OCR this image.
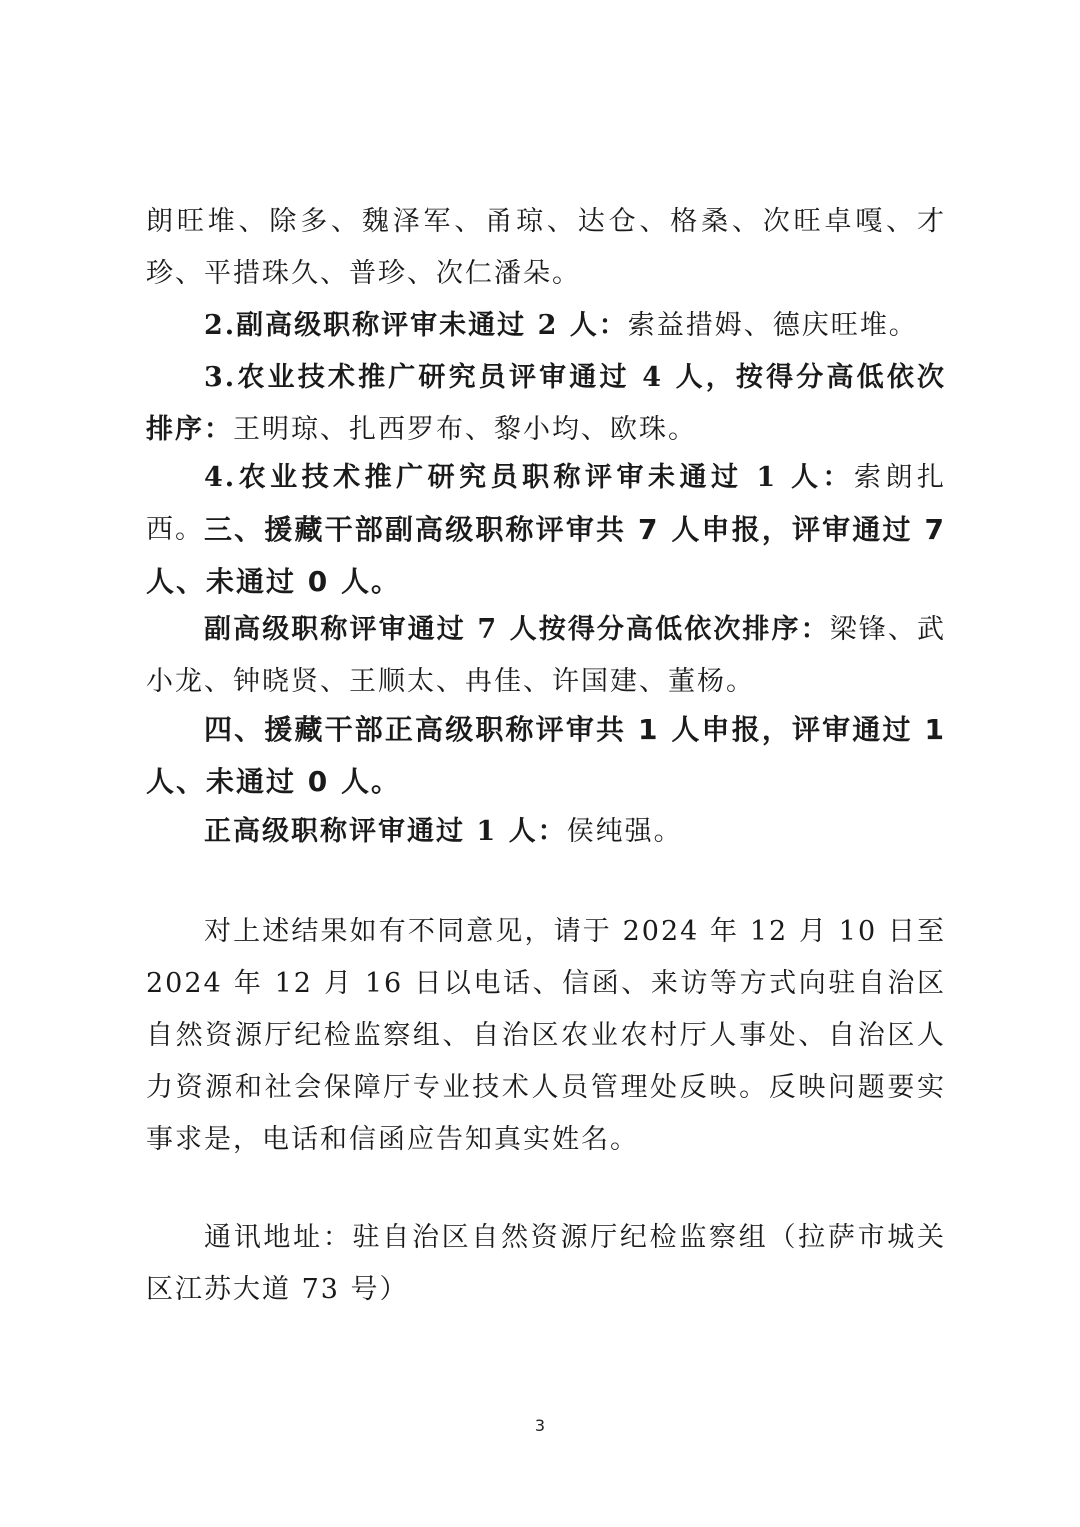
朗旺堆、除多、魏泽军、甬琼、达仓、格桑、次旺卓嘎、才珍、平措珠久、普珍、次仁潘朵。

2.副高级职称评审未通过 2 人：索益措姆、德庆旺堆。

3.农业技术推广研究员评审通过 4 人，按得分高低依次排序：王明琼、扎西罗布、黎小均、欧珠。

4.农业技术推广研究员职称评审未通过 1 人：索朗扎西。 三、援藏干部副高级职称评审共 7 人申报，评审通过 7 人、未通过 0 人。

副高级职称评审通过 7 人按得分高低依次排序：梁锋、武小龙、钟晓贤、王顺太、冉佳、许国建、董杨。

四、援藏干部正高级职称评审共 1 人申报，评审通过 1 人、未通过 0 人。

正高级职称评审通过 1 人：侯纯强。

对上述结果如有不同意见，请于 2024 年 12 月 10 日至 2024 年 12 月 16 日以电话、信函、来访等方式向驻自治区自然资源厅纪检监察组、自治区农业农村厅人事处、自治区人力资源和社会保障厅专业技术人员管理处反映。反映问题要实事求是，电话和信函应告知真实姓名。

通讯地址：驻自治区自然资源厅纪检监察组（拉萨市城关区江苏大道 73 号）

3
